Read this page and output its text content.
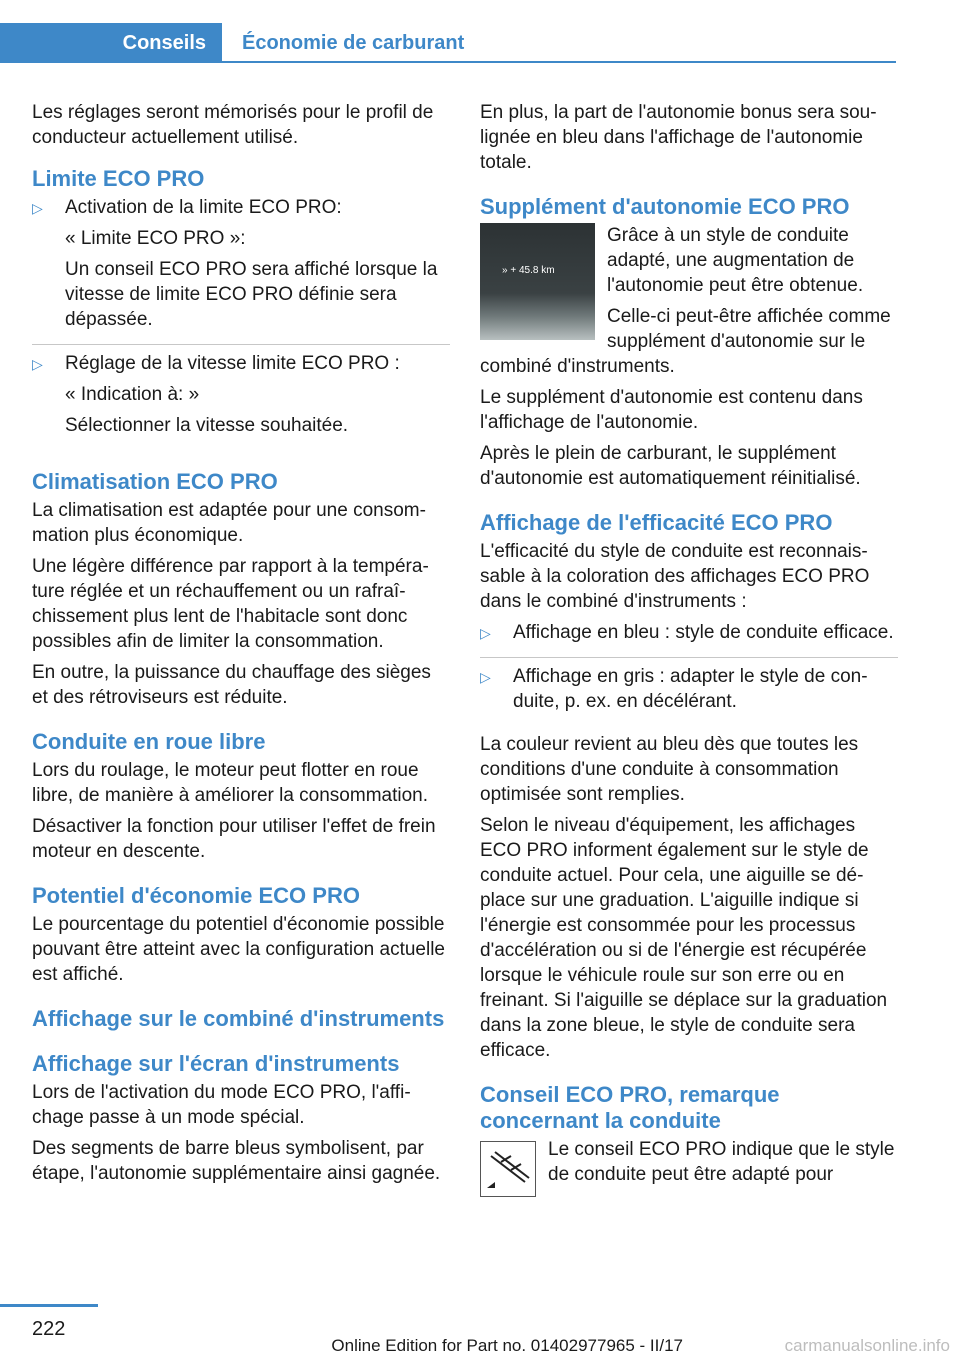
Conseils	Économie de carburant

Les réglages seront mémorisés pour le profil de conducteur actuellement utilisé.

Limite ECO PRO
▷ Activation de la limite ECO PRO:

« Limite ECO PRO »:

Un conseil ECO PRO sera affiché lorsque la vitesse de limite ECO PRO définie sera dépassée.

▷ Réglage de la vitesse limite ECO PRO :

« Indication à: »

Sélectionner la vitesse souhaitée.

Climatisation ECO PRO

La climatisation est adaptée pour une consommation plus économique.

Une légère différence par rapport à la température réglée et un réchauffement ou un rafraîchissement plus lent de l'habitacle sont donc possibles afin de limiter la consommation.

En outre, la puissance du chauffage des sièges et des rétroviseurs est réduite.

Conduite en roue libre

Lors du roulage, le moteur peut flotter en roue libre, de manière à améliorer la consommation.

Désactiver la fonction pour utiliser l'effet de frein moteur en descente.

Potentiel d'économie ECO PRO

Le pourcentage du potentiel d'économie possible pouvant être atteint avec la configuration actuelle est affiché.

Affichage sur le combiné d'instruments
Affichage sur l'écran d'instruments

Lors de l'activation du mode ECO PRO, l'affichage passe à un mode spécial.

Des segments de barre bleus symbolisent, par étape, l'autonomie supplémentaire ainsi gagnée.

En plus, la part de l'autonomie bonus sera soulignée en bleu dans l'affichage de l'autonomie totale.

Supplément d'autonomie ECO PRO
» + 45.8 km

Grâce à un style de conduite adapté, une augmentation de l'autonomie peut être obtenue.

Celle-ci peut-être affichée comme supplément d'autonomie sur le combiné d'instruments.

Le supplément d'autonomie est contenu dans l'affichage de l'autonomie.

Après le plein de carburant, le supplément d'autonomie est automatiquement réinitialisé.

Affichage de l'efficacité ECO PRO

L'efficacité du style de conduite est reconnaissable à la coloration des affichages ECO PRO dans le combiné d'instruments :

▷ Affichage en bleu : style de conduite efficace.

▷ Affichage en gris : adapter le style de conduite, p. ex. en décélérant.

La couleur revient au bleu dès que toutes les conditions d'une conduite à consommation optimisée sont remplies.

Selon le niveau d'équipement, les affichages ECO PRO informent également sur le style de conduite actuel. Pour cela, une aiguille se déplace sur une graduation. L'aiguille indique si l'énergie est consommée pour les processus d'accélération ou si de l'énergie est récupérée lorsque le véhicule roule sur son erre ou en freinant. Si l'aiguille se déplace sur la graduation dans la zone bleue, le style de conduite sera efficace.

Conseil ECO PRO, remarque concernant la conduite

Le conseil ECO PRO indique que le style de conduite peut être adapté pour

222
Online Edition for Part no. 01402977965 - II/17	carmanualsonline.info
